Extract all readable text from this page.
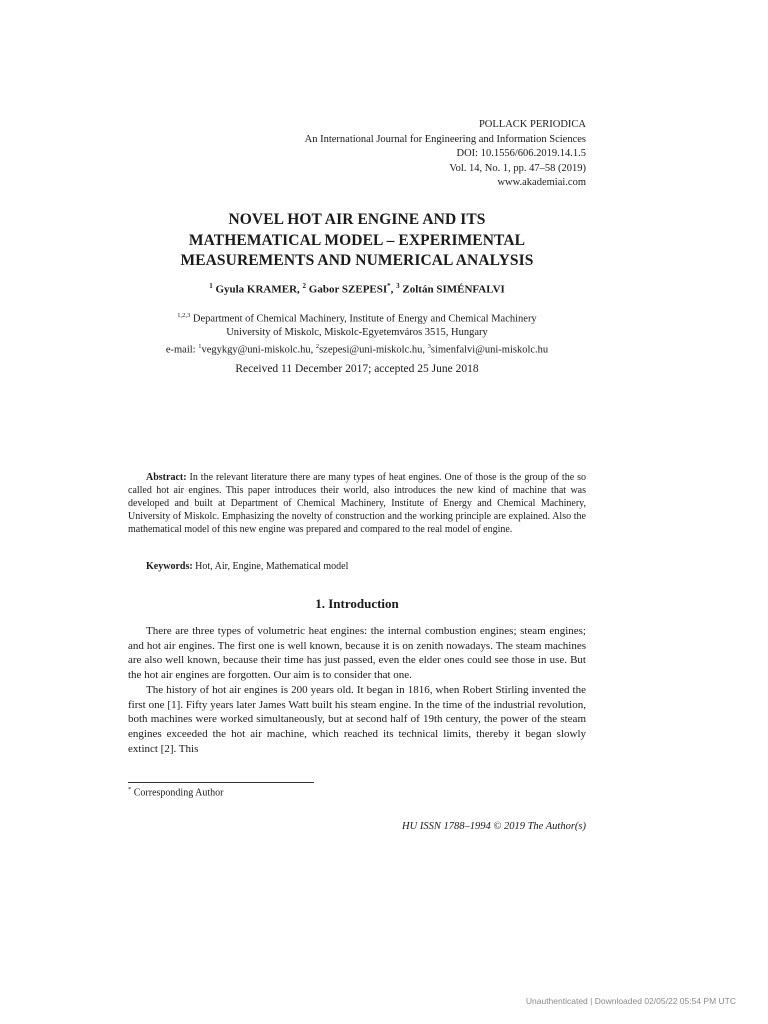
POLLACK PERIODICA
An International Journal for Engineering and Information Sciences
DOI: 10.1556/606.2019.14.1.5
Vol. 14, No. 1, pp. 47–58 (2019)
www.akademiai.com
NOVEL HOT AIR ENGINE AND ITS
MATHEMATICAL MODEL – EXPERIMENTAL
MEASUREMENTS AND NUMERICAL ANALYSIS
$^1$ Gyula KRAMER, $^2$ Gabor SZEPESI*, $^3$ Zoltán SIMÉNFALVI
$^{1,2,3}$ Department of Chemical Machinery, Institute of Energy and Chemical Machinery
University of Miskolc, Miskolc-Egyetemváros 3515, Hungary
e-mail: $^1$vegykgy@uni-miskolc.hu, $^2$szepesi@uni-miskolc.hu, $^3$simenfalvi@uni-miskolc.hu
Received 11 December 2017; accepted 25 June 2018
Abstract: In the relevant literature there are many types of heat engines. One of those is the group of the so called hot air engines. This paper introduces their world, also introduces the new kind of machine that was developed and built at Department of Chemical Machinery, Institute of Energy and Chemical Machinery, University of Miskolc. Emphasizing the novelty of construction and the working principle are explained. Also the mathematical model of this new engine was prepared and compared to the real model of engine.
Keywords: Hot, Air, Engine, Mathematical model
1. Introduction

There are three types of volumetric heat engines: the internal combustion engines; steam engines; and hot air engines. The first one is well known, because it is on zenith nowadays. The steam machines are also well known, because their time has just passed, even the elder ones could see those in use. But the hot air engines are forgotten. Our aim is to consider that one.

The history of hot air engines is 200 years old. It began in 1816, when Robert Stirling invented the first one [1]. Fifty years later James Watt built his steam engine. In the time of the industrial revolution, both machines were worked simultaneously, but at second half of 19th century, the power of the steam engines exceeded the hot air machine, which reached its technical limits, thereby it began slowly extinct [2]. This

* Corresponding Author
HU ISSN 1788–1994 © 2019 The Author(s)
Unauthenticated | Downloaded 02/05/22 05:54 PM UTC
